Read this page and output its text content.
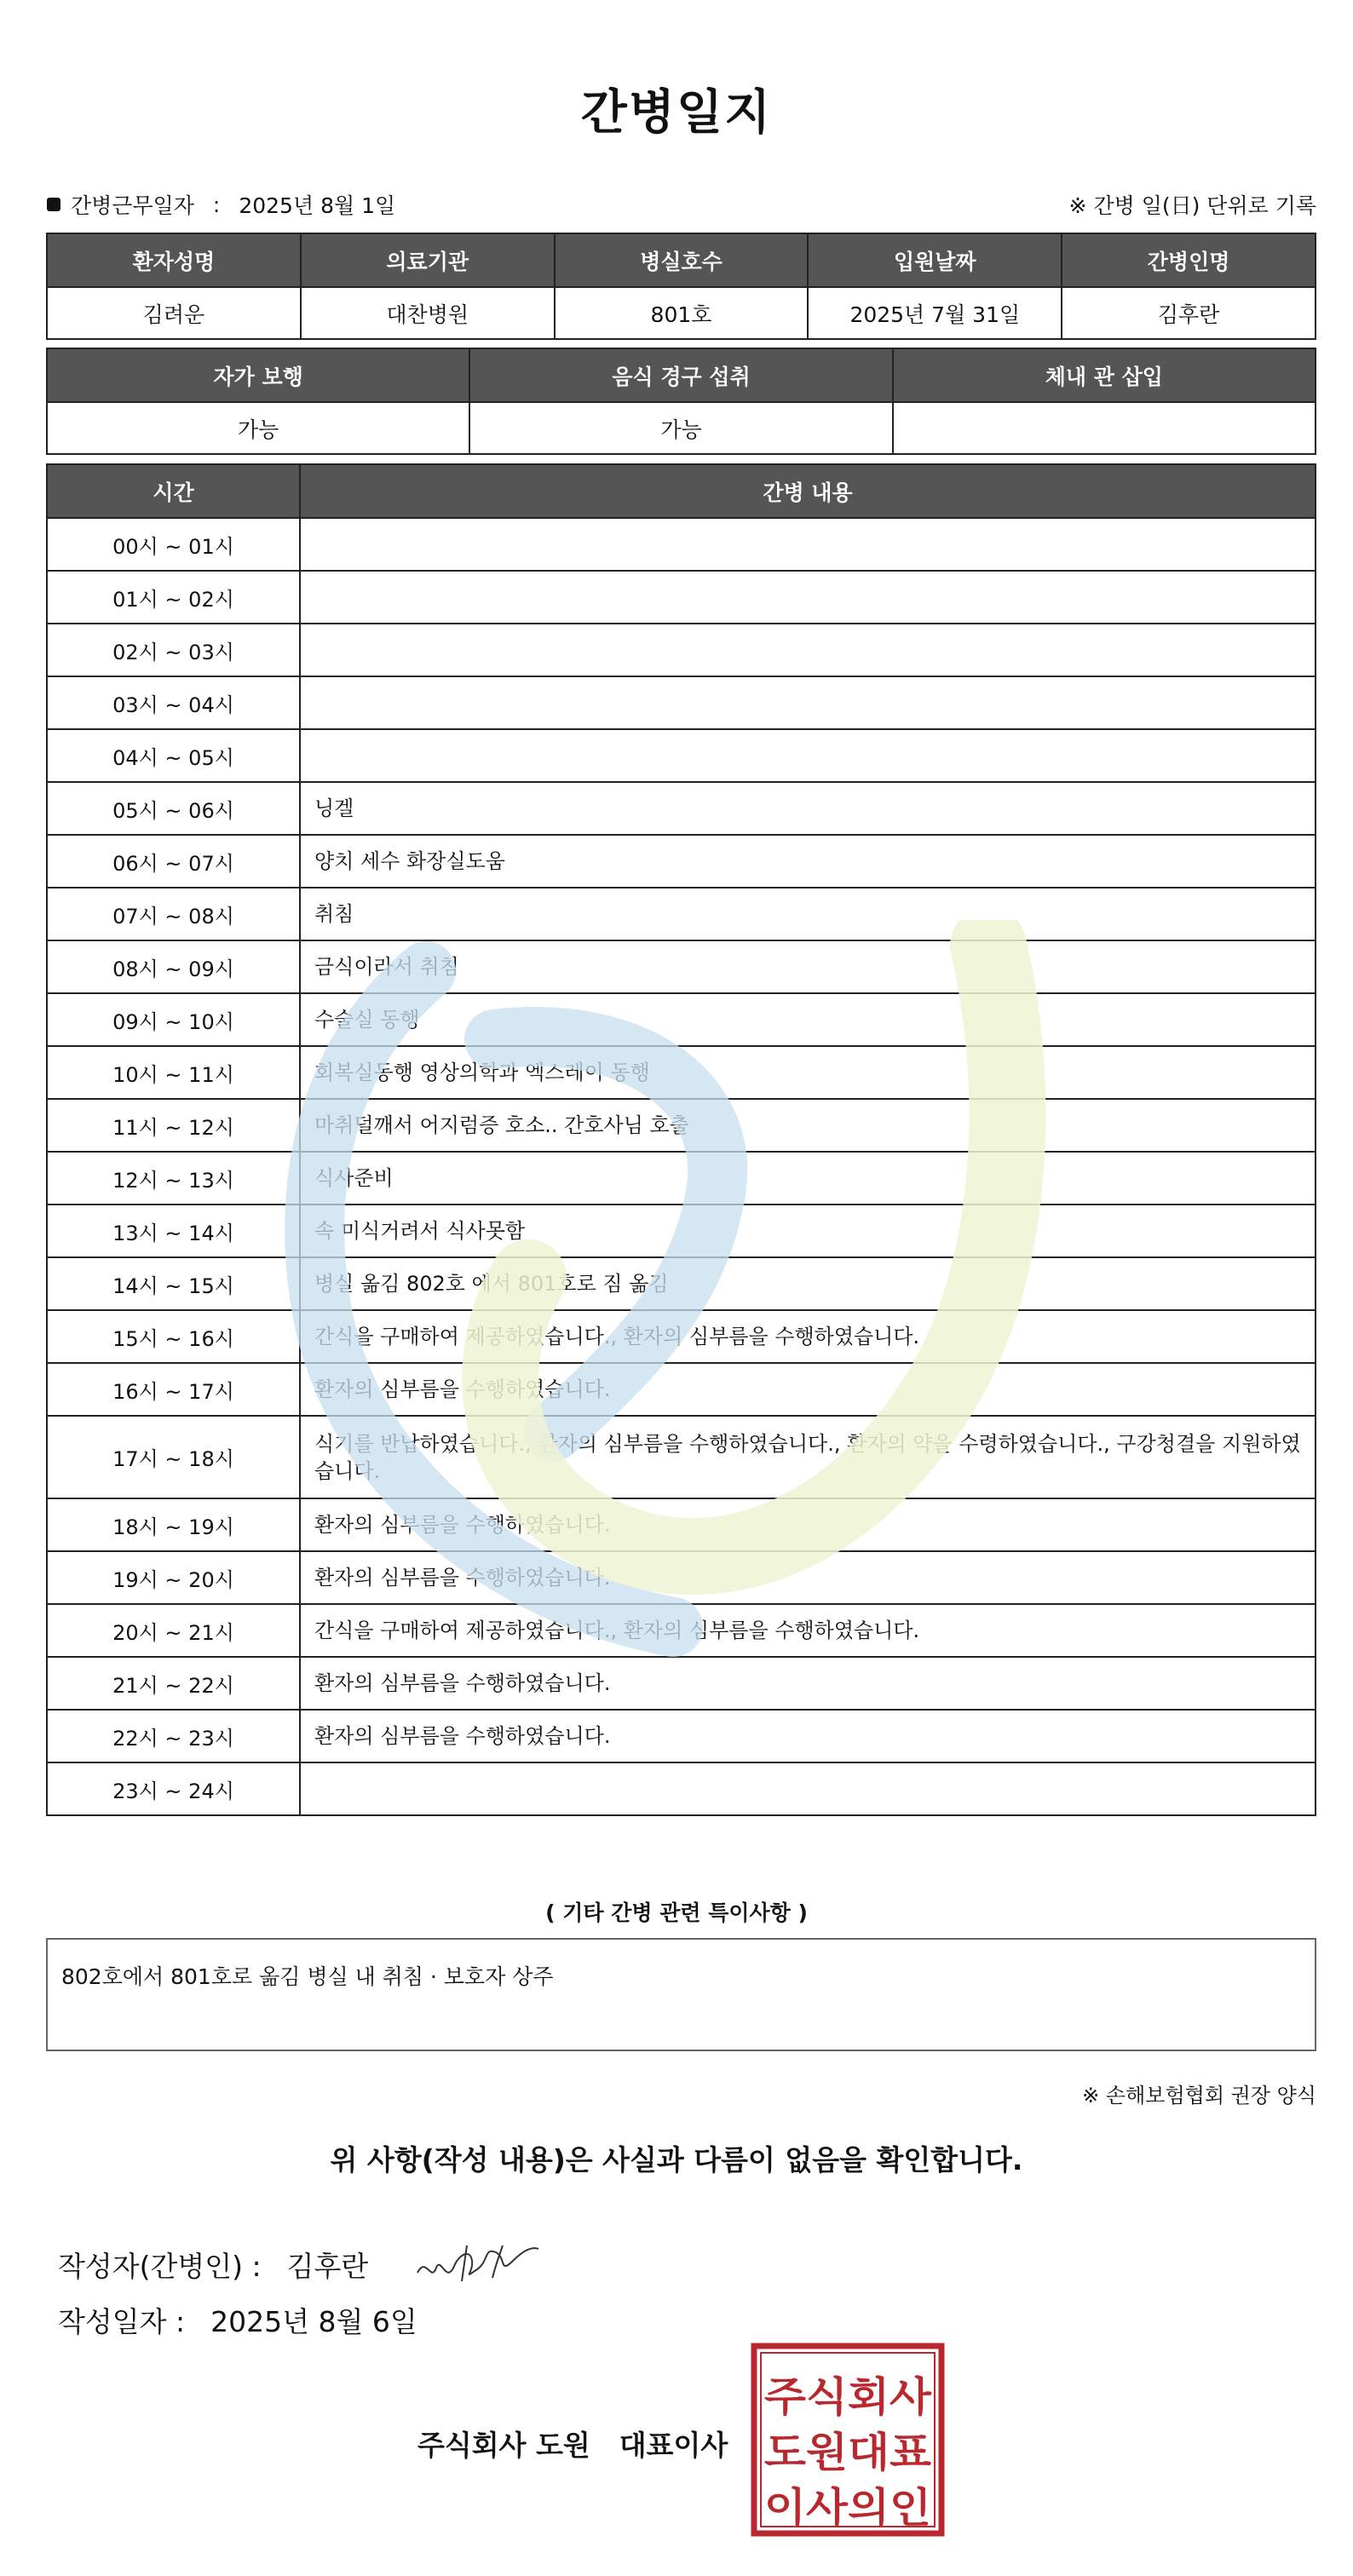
간병일지
간병근무일자 : 2025년 8월 1일	※ 간병 일(日) 단위로 기록
환자성명	의료기관	병실호수	입원날짜	간병인명
김려운	대찬병원	801호	2025년 7월 31일	김후란
자가 보행	음식 경구 섭취	체내 관 삽입
가능	가능	
시간	간병 내용
00시 ~ 01시	
01시 ~ 02시	
02시 ~ 03시	
03시 ~ 04시	
04시 ~ 05시	
05시 ~ 06시	닝겔
06시 ~ 07시	양치 세수 화장실도움
07시 ~ 08시	취침
08시 ~ 09시	금식이라서 취침
09시 ~ 10시	수술실 동행
10시 ~ 11시	회복실동행 영상의학과 엑스레이 동행
11시 ~ 12시	마취덜깨서 어지럼증 호소.. 간호사님 호출
12시 ~ 13시	식사준비
13시 ~ 14시	속 미식거려서 식사못함
14시 ~ 15시	병실 옮김 802호 에서 801호로 짐 옮김
15시 ~ 16시	간식을 구매하여 제공하였습니다., 환자의 심부름을 수행하였습니다.
16시 ~ 17시	환자의 심부름을 수행하였습니다.
17시 ~ 18시	식기를 반납하였습니다., 환자의 심부름을 수행하였습니다., 환자의 약을 수령하였습니다., 구강청결을 지원하였습니다.
18시 ~ 19시	환자의 심부름을 수행하였습니다.
19시 ~ 20시	환자의 심부름을 수행하였습니다.
20시 ~ 21시	간식을 구매하여 제공하였습니다., 환자의 심부름을 수행하였습니다.
21시 ~ 22시	환자의 심부름을 수행하였습니다.
22시 ~ 23시	환자의 심부름을 수행하였습니다.
23시 ~ 24시	
( 기타 간병 관련 특이사항 )
802호에서 801호로 옮김 병실 내 취침 · 보호자 상주
※ 손해보험협회 권장 양식
위 사항(작성 내용)은 사실과 다름이 없음을 확인합니다.
작성자(간병인) : 김후란
작성일자 : 2025년 8월 6일
주식회사 도원 대표이사
주식회사
도원대표
이사의인
